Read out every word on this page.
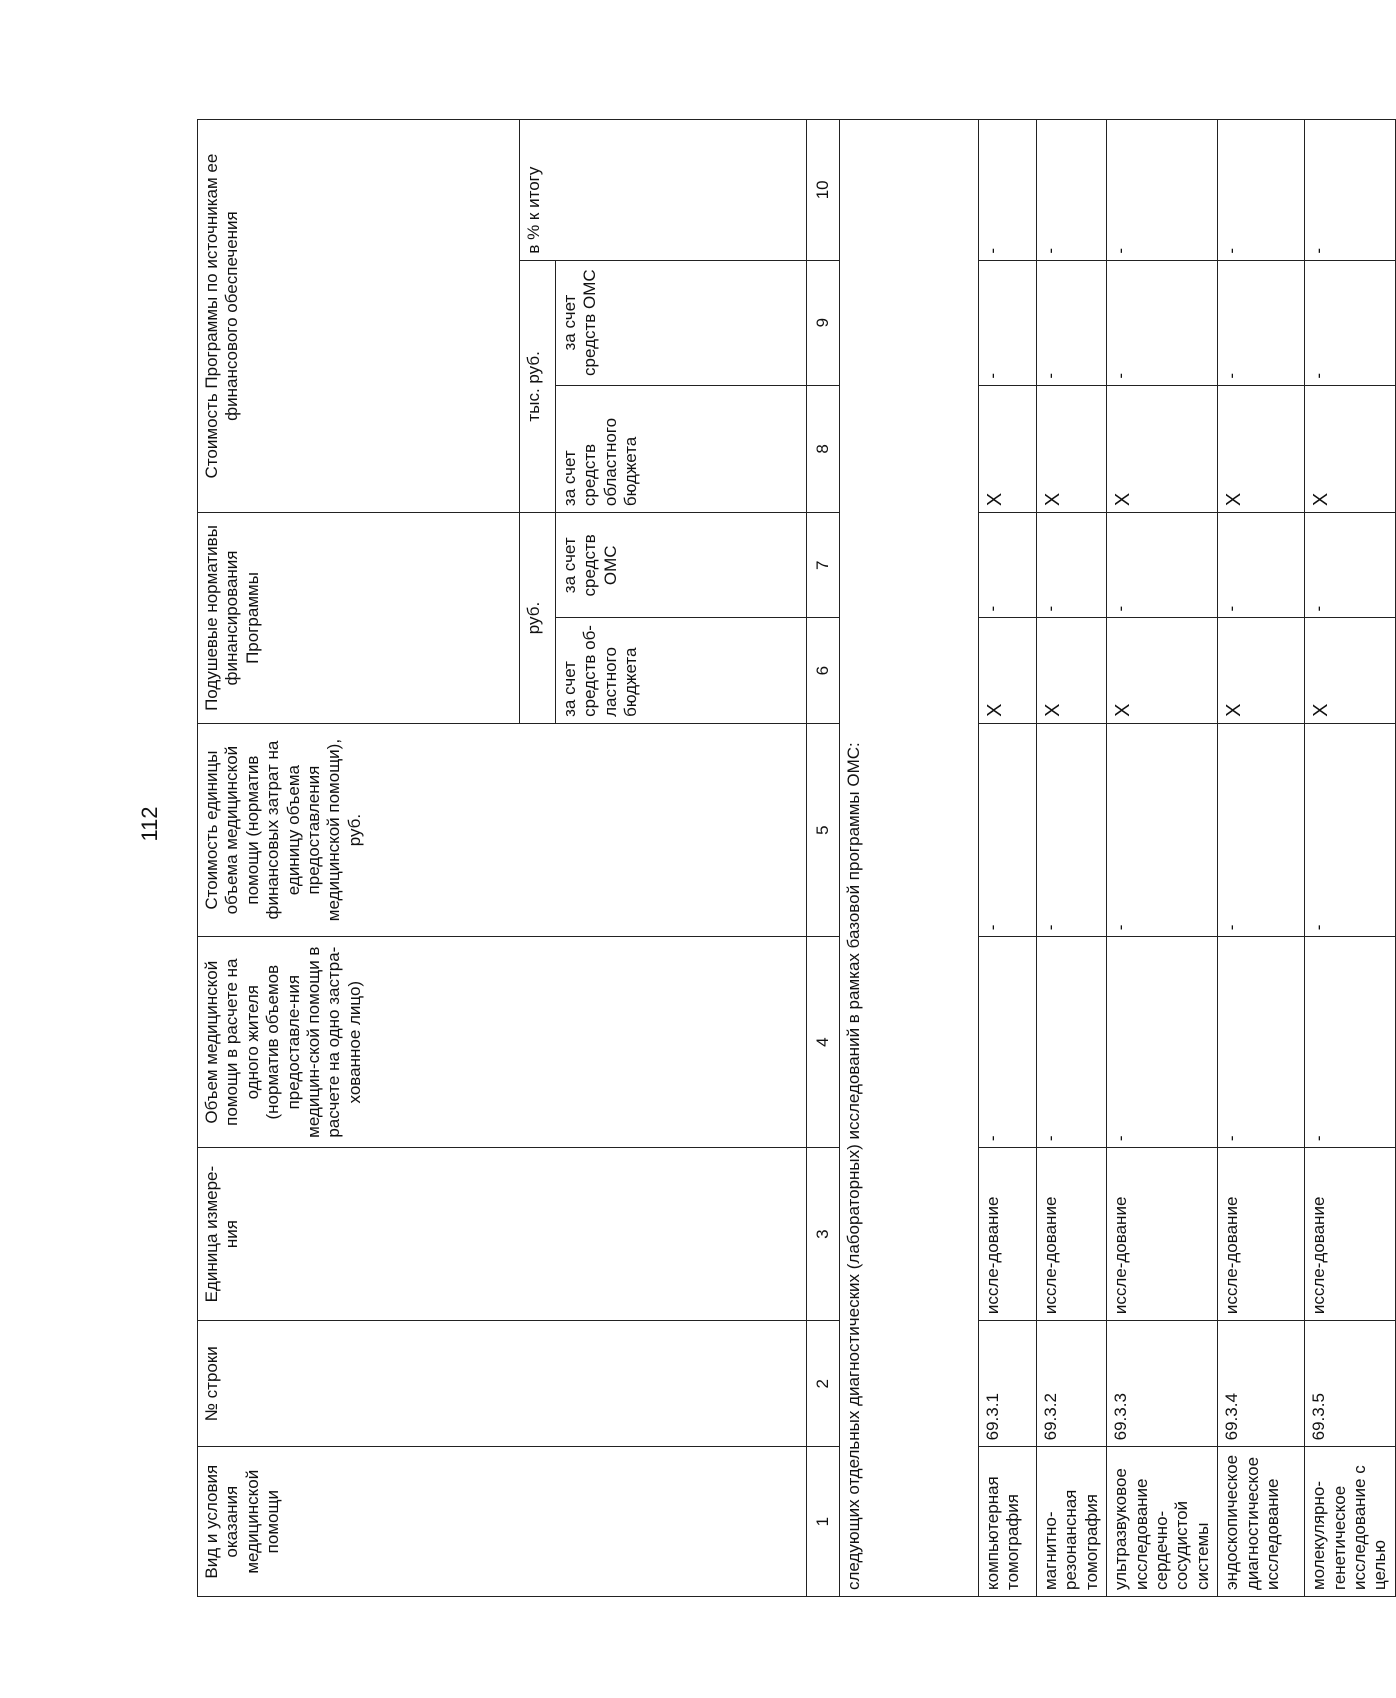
112
Вид и условия оказания медицинской помощи	№ строки	Единица измере-ния	Объем медицинской помощи в расчете на одного жителя (норматив объемов предоставле-ния медицин-ской помощи в расчете на одно застра-хованное лицо)	Стоимость единицы объема медицинской помощи (норматив финансовых затрат на единицу объема предоставления медицинской помощи), руб.	Подушевые нормативы финансирования Программы		Стоимость Программы по источникам ее финансового обеспечения		
					руб.		тыс. руб.		в % к итогу
					за счет средств об-ластного бюджета	за счет средств ОМС	за счет средств областного бюджета	за счет средств ОМС	
1	2	3	4	5	6	7	8	9	10
следующих отдельных диагностических (лабораторных) исследований в рамках базовой программы ОМС:									
компьютерная томография	69.3.1	иссле-дование	-	-	X	-	X	-	-
магнитно-резонансная томография	69.3.2	иссле-дование	-	-	X	-	X	-	-
ультразвуковое исследование сердечно-сосудистой системы	69.3.3	иссле-дование	-	-	X	-	X	-	-
эндоскопическое диагностическое исследование	69.3.4	иссле-дование	-	-	X	-	X	-	-
молекулярно-генетическое исследование с целью	69.3.5	иссле-дование	-	-	X	-	X	-	-
